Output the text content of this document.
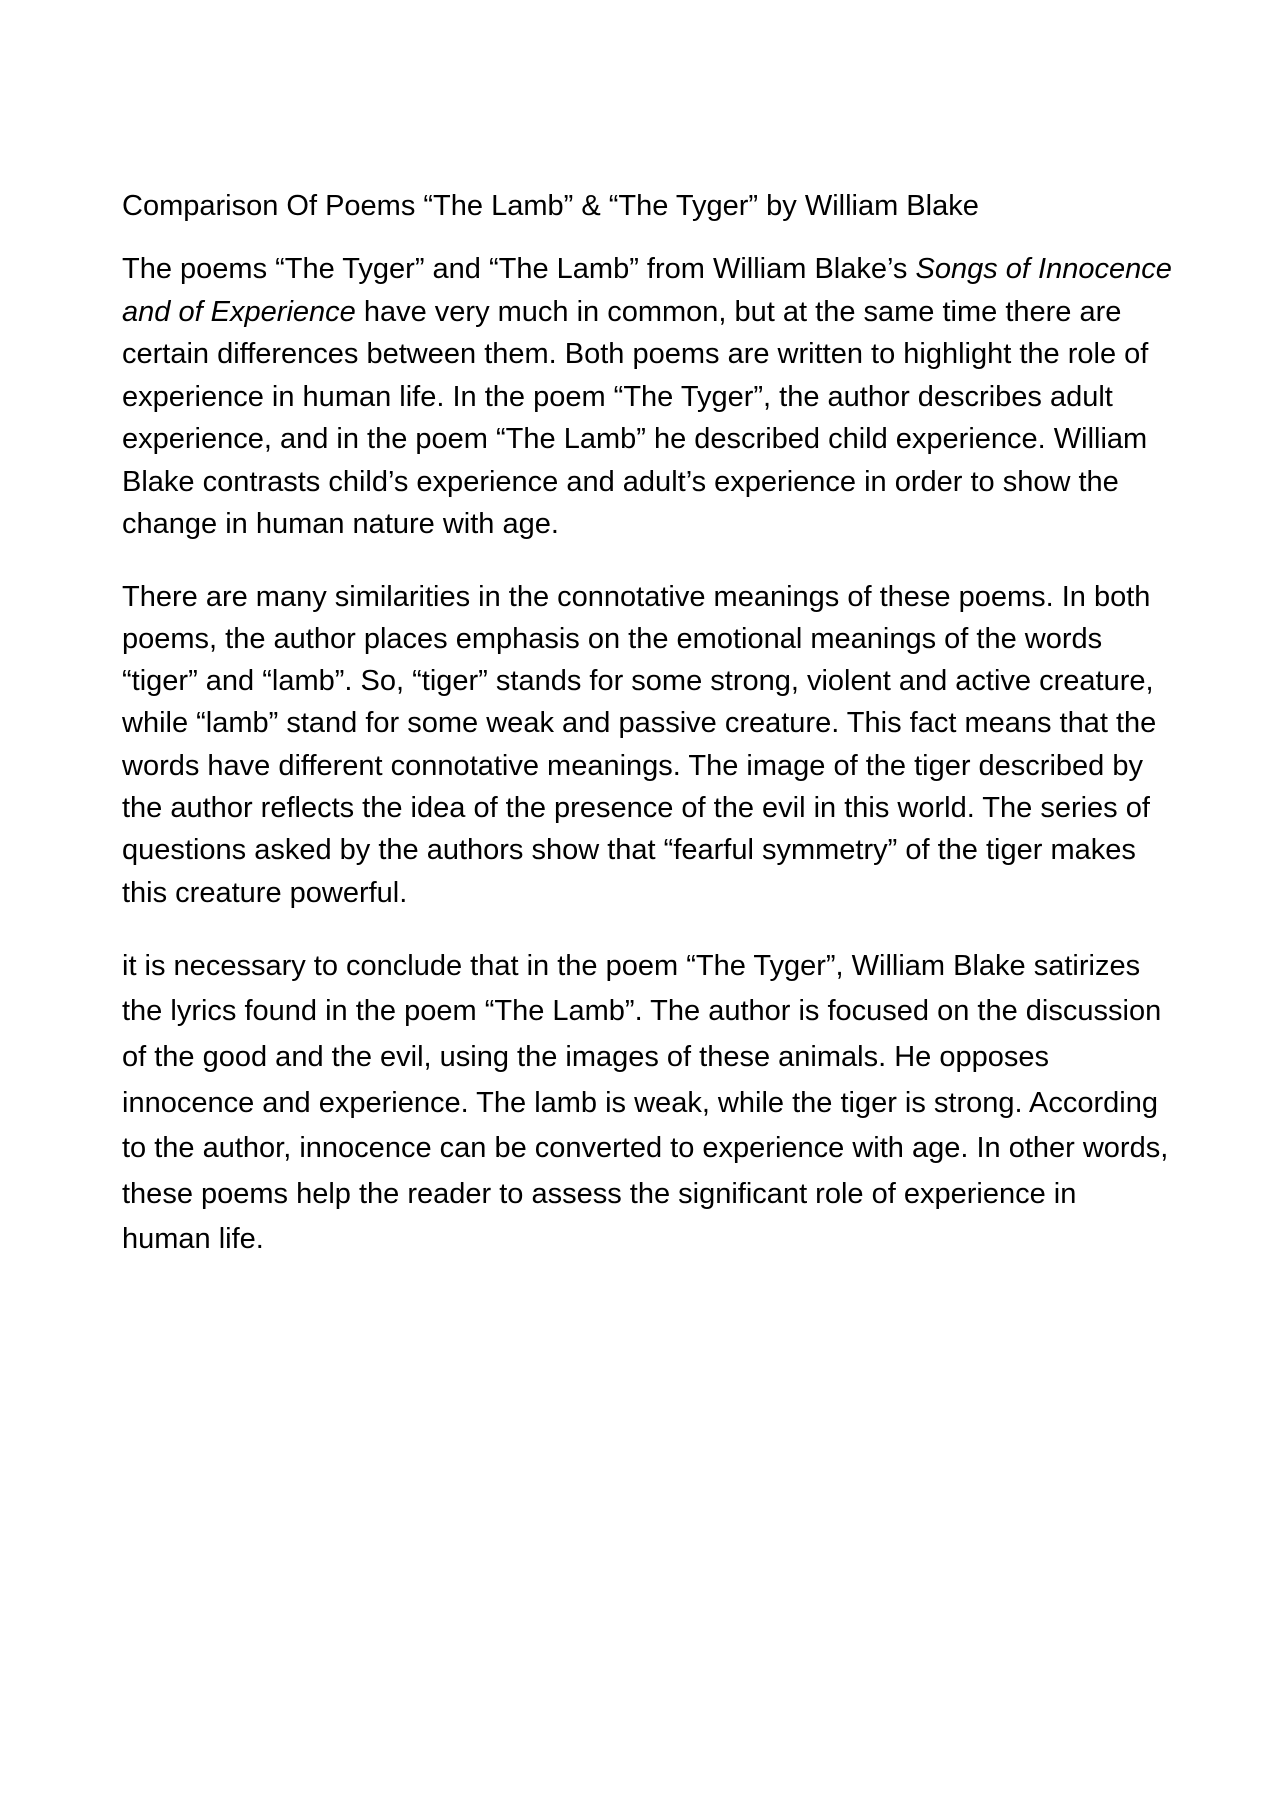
Comparison Of Poems “The Lamb” & “The Tyger” by William Blake

The poems “The Tyger” and “The Lamb” from William Blake’s Songs of Innocence and of Experience have very much in common, but at the same time there are certain differences between them. Both poems are written to highlight the role of experience in human life. In the poem “The Tyger”, the author describes adult experience, and in the poem “The Lamb” he described child experience. William Blake contrasts child’s experience and adult’s experience in order to show the change in human nature with age.

There are many similarities in the connotative meanings of these poems. In both poems, the author places emphasis on the emotional meanings of the words “tiger” and “lamb”. So, “tiger” stands for some strong, violent and active creature, while “lamb” stand for some weak and passive creature. This fact means that the words have different connotative meanings. The image of the tiger described by the author reflects the idea of the presence of the evil in this world. The series of questions asked by the authors show that “fearful symmetry” of the tiger makes this creature powerful.

it is necessary to conclude that in the poem “The Tyger”, William Blake satirizes the lyrics found in the poem “The Lamb”. The author is focused on the discussion of the good and the evil, using the images of these animals. He opposes innocence and experience. The lamb is weak, while the tiger is strong. According to the author, innocence can be converted to experience with age. In other words, these poems help the reader to assess the significant role of experience in human life.
